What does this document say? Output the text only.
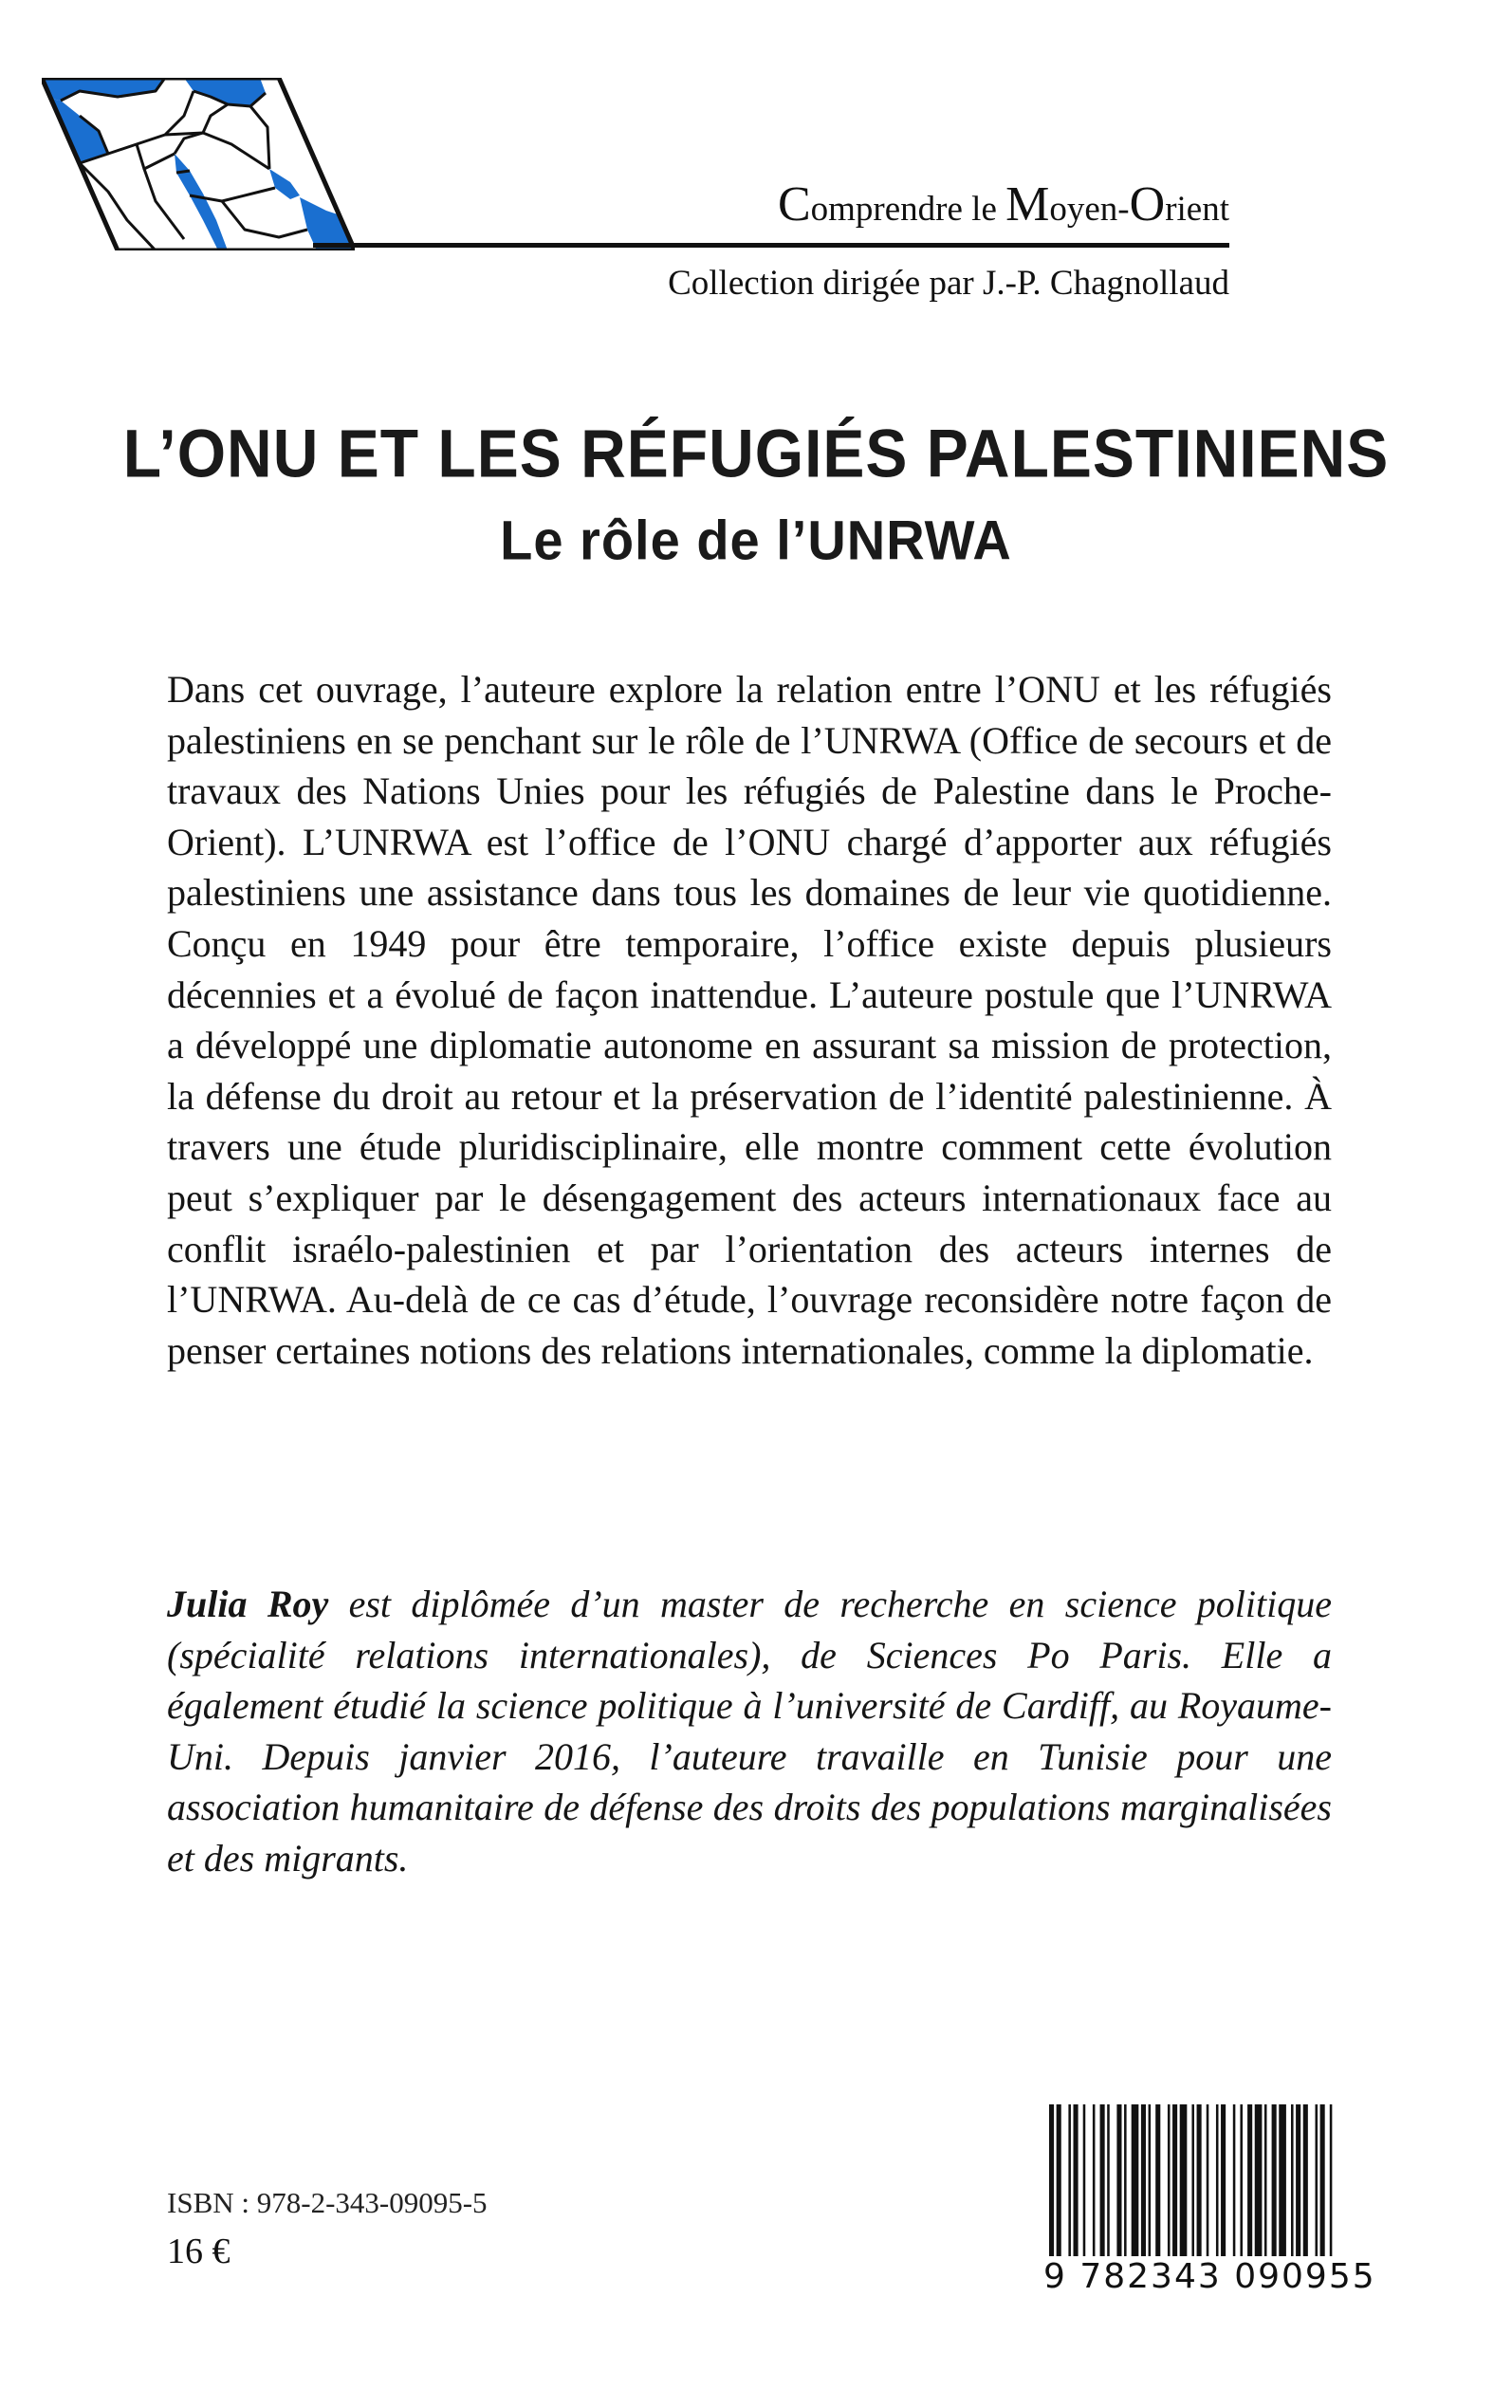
Comprendre le Moyen-Orient
Collection dirigée par J.-P. Chagnollaud
L’ONU ET LES RÉFUGIÉS PALESTINIENS
Le rôle de l’UNRWA

Dans cet ouvrage, l’auteure explore la relation entre l’ONU et les réfugiés palestiniens en se penchant sur le rôle de l’UNRWA (Office de secours et de travaux des Nations Unies pour les réfugiés de Palestine dans le Proche-Orient). L’UNRWA est l’office de l’ONU chargé d’apporter aux réfugiés palestiniens une assistance dans tous les domaines de leur vie quotidienne. Conçu en 1949 pour être temporaire, l’office existe depuis plusieurs décennies et a évolué de façon inattendue. L’auteure postule que l’UNRWA a développé une diplomatie autonome en assurant sa mission de protection, la défense du droit au retour et la préservation de l’identité palestinienne. À travers une étude pluridisciplinaire, elle montre comment cette évolution peut s’expliquer par le désengagement des acteurs internationaux face au conflit israélo-palestinien et par l’orientation des acteurs internes de l’UNRWA. Au-delà de ce cas d’étude, l’ouvrage reconsidère notre façon de penser certaines notions des relations internationales, comme la diplomatie.

Julia Roy est diplômée d’un master de recherche en science politique (spécialité relations internationales), de Sciences Po Paris. Elle a également étudié la science politique à l’université de Cardiff, au Royaume-Uni. Depuis janvier 2016, l’auteure travaille en Tunisie pour une association humanitaire de défense des droits des populations marginalisées et des migrants.

ISBN : 978-2-343-09095-5
16 €
9 782343 090955
